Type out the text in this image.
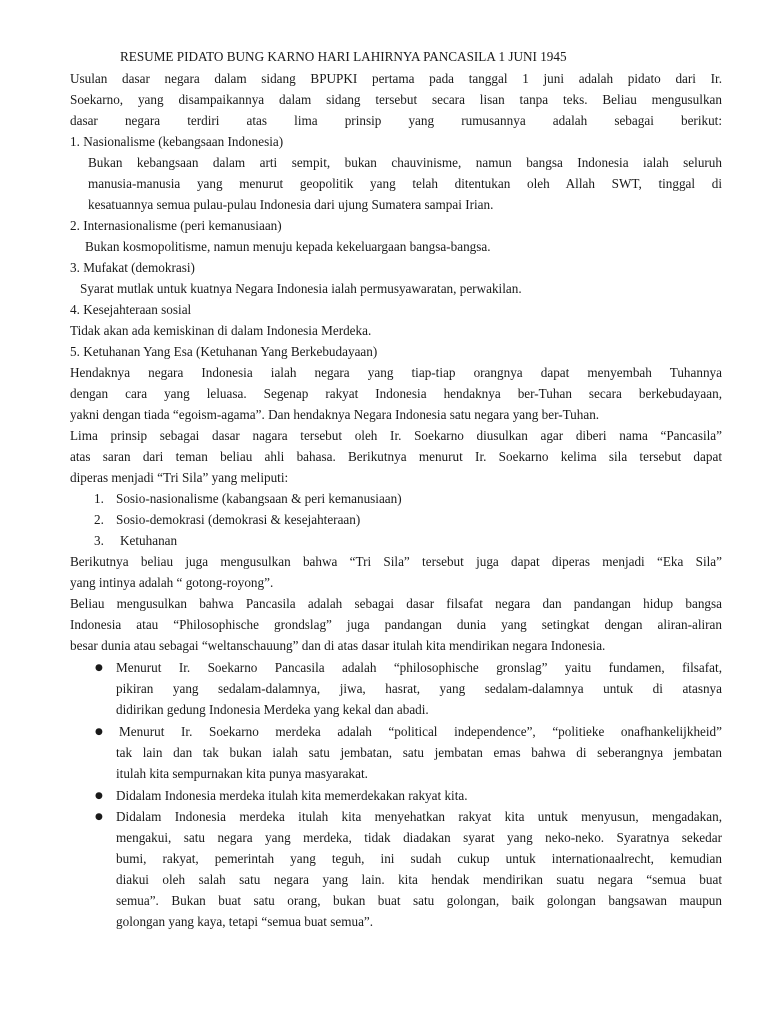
RESUME PIDATO BUNG KARNO HARI LAHIRNYA PANCASILA 1 JUNI 1945
Usulan dasar negara dalam sidang BPUPKI pertama pada tanggal 1 juni adalah pidato dari Ir.
Soekarno, yang disampaikannya dalam sidang tersebut secara lisan tanpa teks. Beliau mengusulkan
dasar negara terdiri atas lima prinsip yang rumusannya adalah sebagai berikut:
1. Nasionalisme (kebangsaan Indonesia)
Bukan kebangsaan dalam arti sempit, bukan chauvinisme, namun bangsa Indonesia ialah seluruh
manusia-manusia yang menurut geopolitik yang telah ditentukan oleh Allah SWT, tinggal di
kesatuannya semua pulau-pulau Indonesia dari ujung Sumatera sampai Irian.
2. Internasionalisme (peri kemanusiaan)
Bukan kosmopolitisme, namun menuju kepada kekeluargaan bangsa-bangsa.
3. Mufakat (demokrasi)
Syarat mutlak untuk kuatnya Negara Indonesia ialah permusyawaratan, perwakilan.
4. Kesejahteraan sosial
Tidak akan ada kemiskinan di dalam Indonesia Merdeka.
5. Ketuhanan Yang Esa (Ketuhanan Yang Berkebudayaan)
Hendaknya negara Indonesia ialah negara yang tiap-tiap orangnya dapat menyembah Tuhannya
dengan cara yang leluasa. Segenap rakyat Indonesia hendaknya ber-Tuhan secara berkebudayaan,
yakni dengan tiada “egoism-agama”. Dan hendaknya Negara Indonesia satu negara yang ber-Tuhan.
Lima prinsip sebagai dasar nagara tersebut oleh Ir. Soekarno diusulkan agar diberi nama “Pancasila”
atas saran dari teman beliau ahli bahasa. Berikutnya menurut Ir. Soekarno kelima sila tersebut dapat
diperas menjadi “Tri Sila” yang meliputi:
1. Sosio-nasionalisme (kabangsaan & peri kemanusiaan)
2. Sosio-demokrasi (demokrasi & kesejahteraan)
3. Ketuhanan
Berikutnya beliau juga mengusulkan bahwa “Tri Sila” tersebut juga dapat diperas menjadi “Eka Sila”
yang intinya adalah “ gotong-royong”.
Beliau mengusulkan bahwa Pancasila adalah sebagai dasar filsafat negara dan pandangan hidup bangsa
Indonesia atau “Philosophische grondslag” juga pandangan dunia yang setingkat dengan aliran-aliran
besar dunia atau sebagai “weltanschauung” dan di atas dasar itulah kita mendirikan negara Indonesia.
● Menurut Ir. Soekarno Pancasila adalah “philosophische gronslag” yaitu fundamen, filsafat,
pikiran yang sedalam-dalamnya, jiwa, hasrat, yang sedalam-dalamnya untuk di atasnya
didirikan gedung Indonesia Merdeka yang kekal dan abadi.
● Menurut Ir. Soekarno merdeka adalah “political independence”, “politieke onafhankelijkheid”
tak lain dan tak bukan ialah satu jembatan, satu jembatan emas bahwa di seberangnya jembatan
itulah kita sempurnakan kita punya masyarakat.
● Didalam Indonesia merdeka itulah kita memerdekakan rakyat kita.
● Didalam Indonesia merdeka itulah kita menyehatkan rakyat kita untuk menyusun, mengadakan,
mengakui, satu negara yang merdeka, tidak diadakan syarat yang neko-neko. Syaratnya sekedar
bumi, rakyat, pemerintah yang teguh, ini sudah cukup untuk internationaalrecht, kemudian
diakui oleh salah satu negara yang lain. kita hendak mendirikan suatu negara “semua buat
semua”. Bukan buat satu orang, bukan buat satu golongan, baik golongan bangsawan maupun
golongan yang kaya, tetapi “semua buat semua”.
